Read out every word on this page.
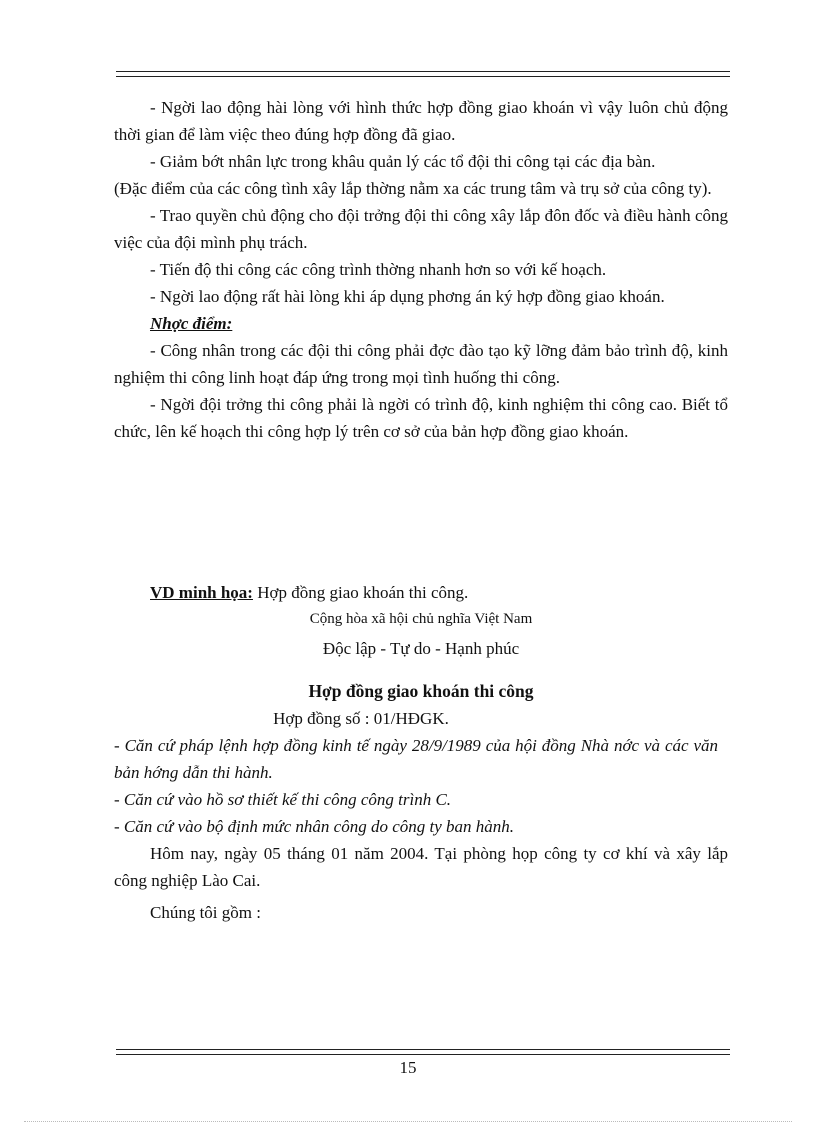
- Ngời lao động hài lòng với hình thức hợp đồng giao khoán vì vậy luôn chủ động thời gian để làm việc theo đúng hợp đồng đã giao.

- Giảm bớt nhân lực trong khâu quản lý các tổ đội thi công tại các địa bàn.

(Đặc điểm của các công tình xây lắp thờng nằm xa các trung tâm và trụ sở của công ty).

- Trao quyền chủ động cho đội trởng đội thi công xây lắp đôn đốc và điều hành công việc của đội mình phụ trách.

- Tiến độ thi công các công trình thờng nhanh hơn so với kế hoạch.

- Ngời lao động rất hài lòng khi áp dụng phơng án ký hợp đồng giao khoán.

Nhợc điểm:

- Công nhân trong các đội thi công phải đợc đào tạo kỹ lỡng đảm bảo trình độ, kinh nghiệm thi công linh hoạt đáp ứng trong mọi tình huống thi công.

- Ngời đội trởng thi công phải là ngời có trình độ, kinh nghiệm thi công cao. Biết tổ chức, lên kế hoạch thi công hợp lý trên cơ sở của bản hợp đồng giao khoán.

VD minh họa: Hợp đồng giao khoán thi công.

Cộng hòa xã hội chủ nghĩa Việt Nam

Độc lập - Tự do - Hạnh phúc

Hợp đồng giao khoán thi công

Hợp đồng số : 01/HĐGK.

- Căn cứ pháp lệnh hợp đồng kinh tế ngày 28/9/1989 của hội đồng Nhà nớc và các văn bản hớng dẫn thi hành.

- Căn cứ vào hồ sơ thiết kế thi công công trình C.

- Căn cứ vào bộ định mức nhân công do công ty ban hành.

Hôm nay, ngày 05 tháng 01 năm 2004. Tại phòng họp công ty cơ khí và xây lắp công nghiệp Lào Cai.

Chúng tôi gồm :

15
